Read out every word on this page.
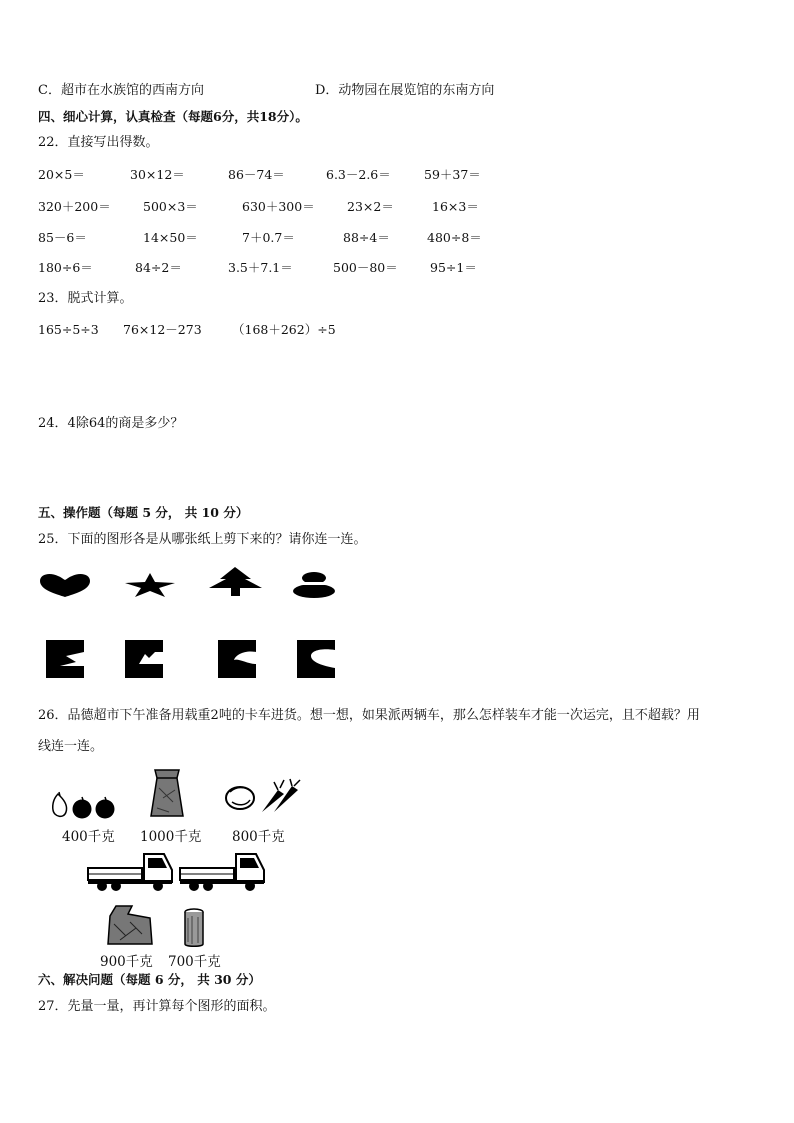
C．超市在水族馆的西南方向	D．动物园在展览馆的东南方向
四、细心计算，认真检查（每题6分，共18分）。
22．直接写出得数。
20×5＝	30×12＝	86－74＝	6.3－2.6＝	59＋37＝
320＋200＝	500×3＝	630＋300＝	23×2＝	16×3＝
85－6＝	14×50＝	7＋0.7＝	88÷4＝	480÷8＝
180÷6＝	84÷2＝	3.5＋7.1＝	500－80＝	95÷1＝
23．脱式计算。
165÷5÷3 76×12－273 （168＋262）÷5
24．4除64的商是多少？
五、操作题（每题 5 分， 共 10 分）
25．下面的图形各是从哪张纸上剪下来的？请你连一连。
26．品德超市下午准备用载重2吨的卡车进货。想一想，如果派两辆车，那么怎样装车才能一次运完，且不超载？用
线连一连。
400千克 1000千克 800千克
900千克 700千克
六、解决问题（每题 6 分， 共 30 分）
27．先量一量，再计算每个图形的面积。
